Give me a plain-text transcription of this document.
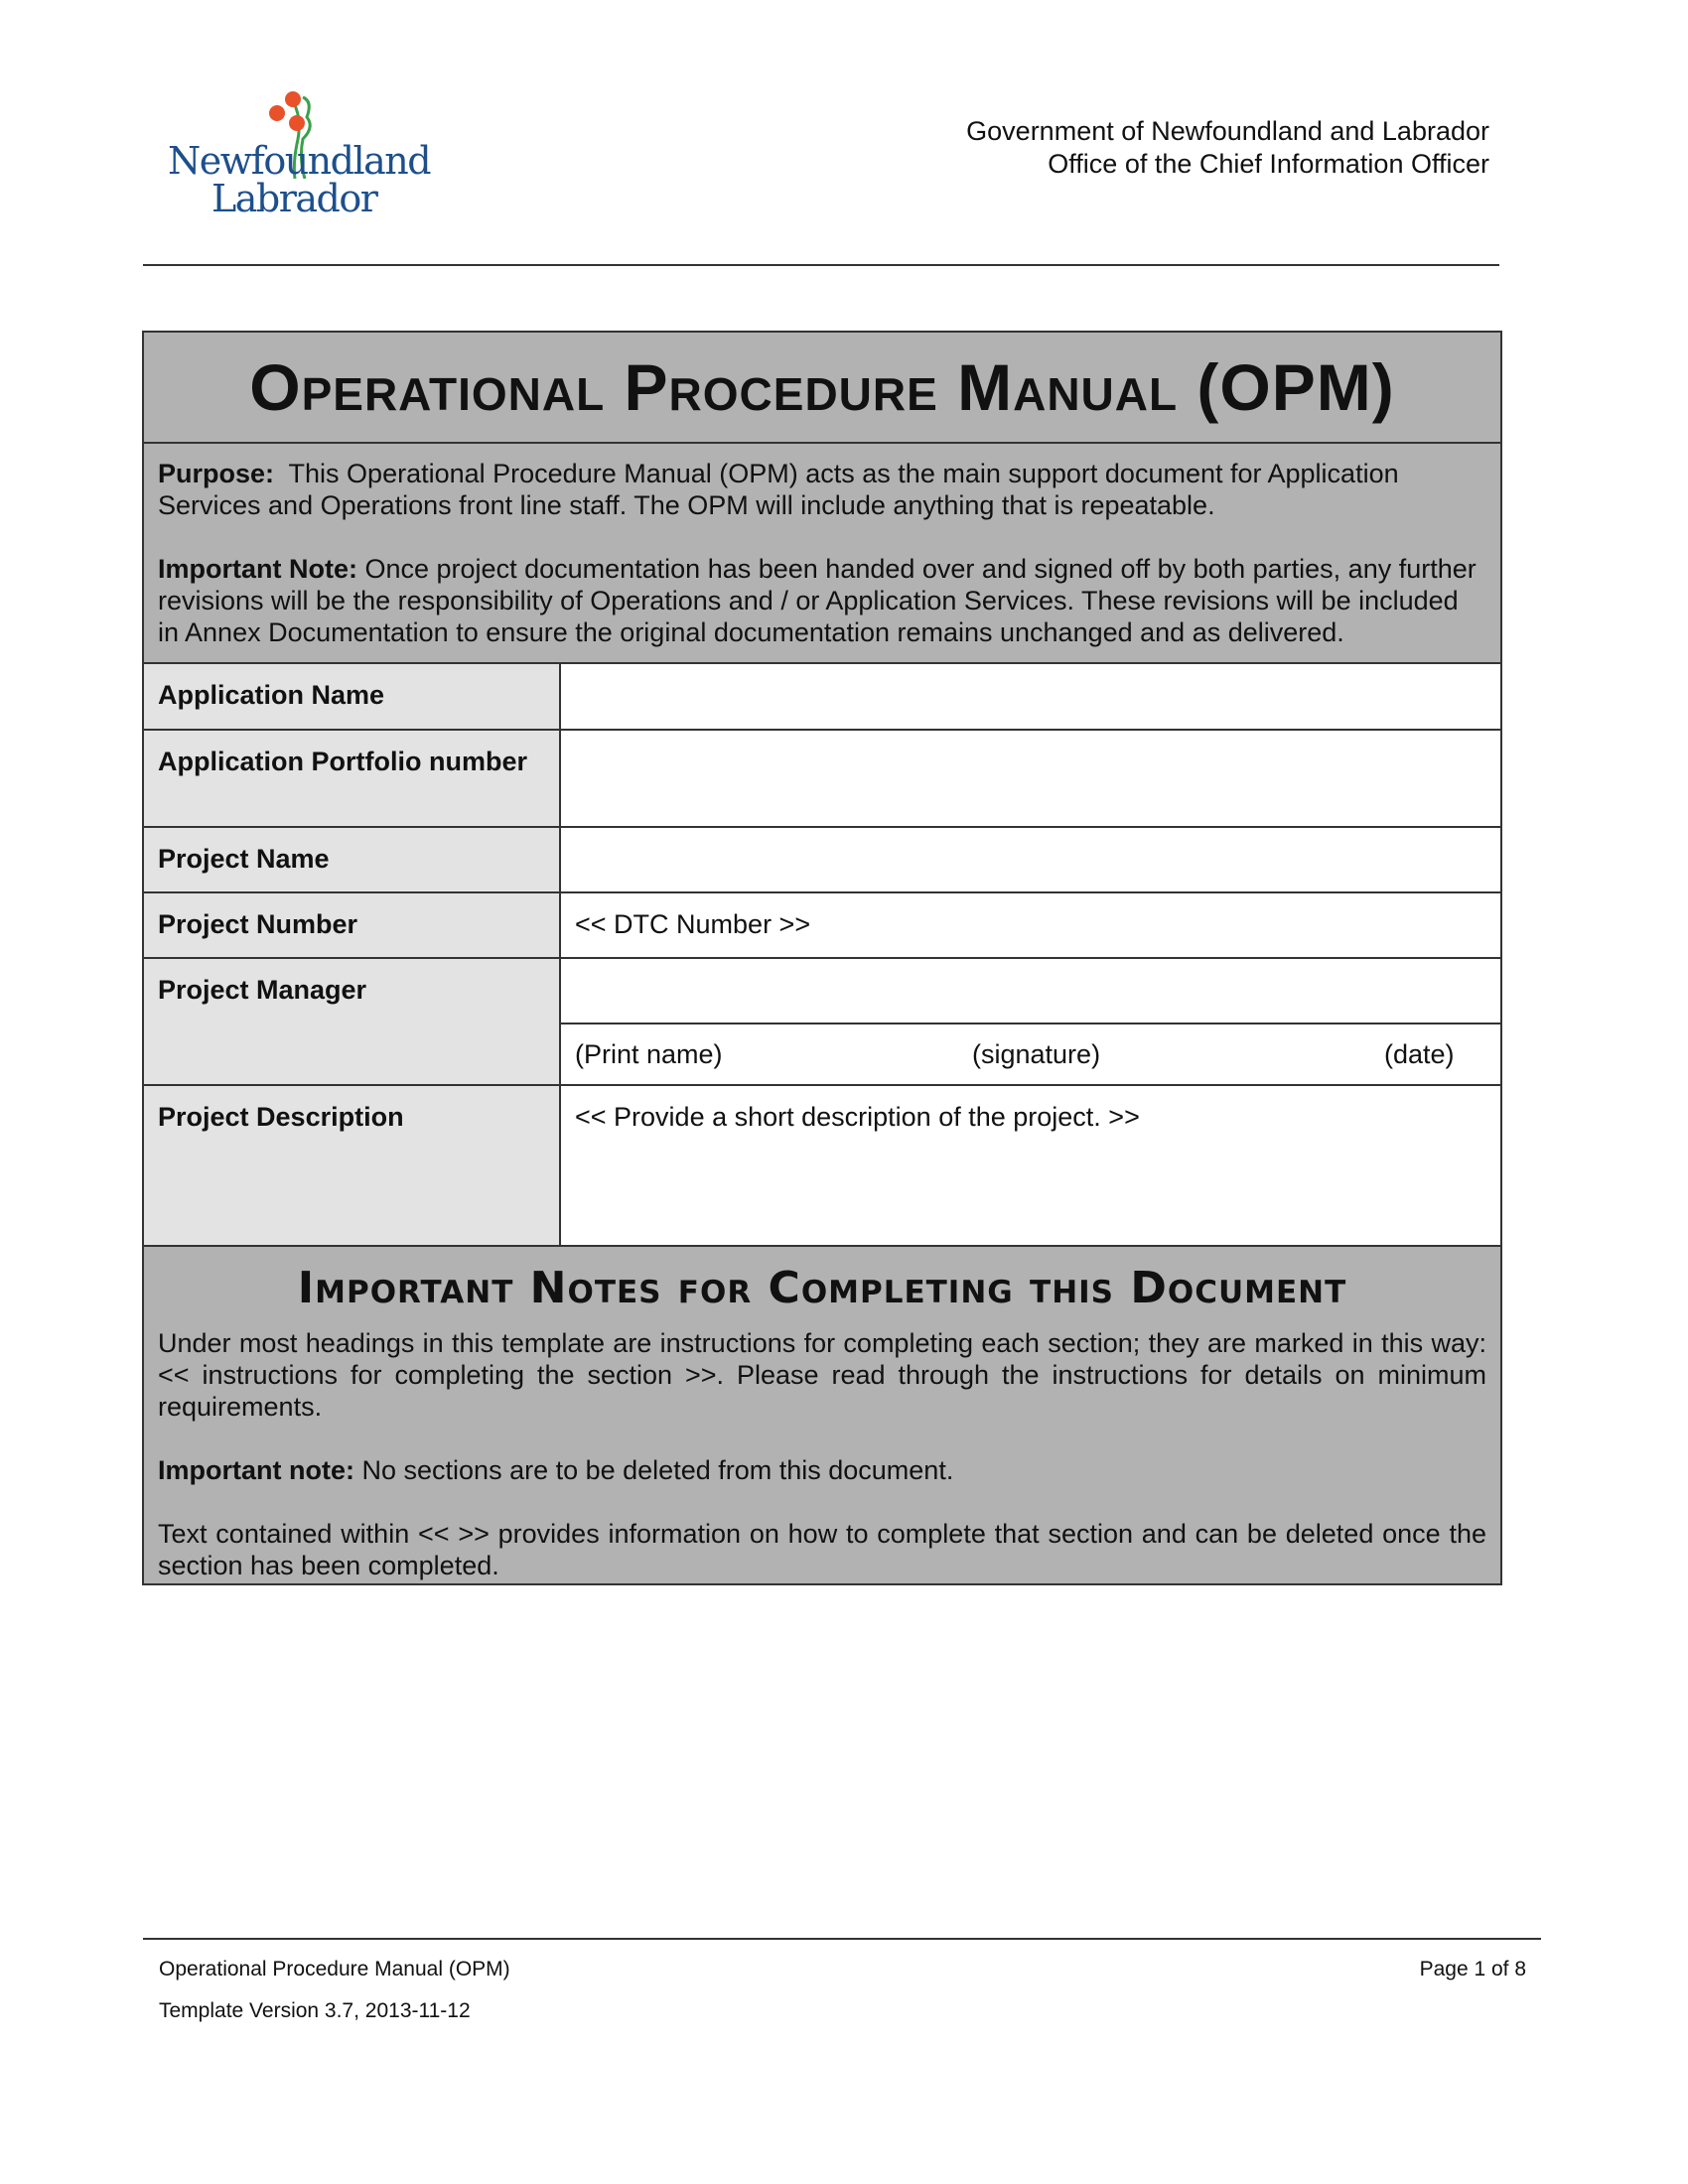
Newfoundland
Labrador
Government of Newfoundland and Labrador
Office of the Chief Information Officer
Operational Procedure Manual (OPM)

Purpose: This Operational Procedure Manual (OPM) acts as the main support document for Application Services and Operations front line staff. The OPM will include anything that is repeatable.

Important Note: Once project documentation has been handed over and signed off by both parties, any further revisions will be the responsibility of Operations and / or Application Services. These revisions will be included in Annex Documentation to ensure the original documentation remains unchanged and as delivered.

Application Name	
Application Portfolio number	
Project Name	
Project Number	<< DTC Number >>
Project Manager	

	(Print name) (signature) (date)

Project Description	<< Provide a short description of the project. >>
Important Notes for Completing this Document

Under most headings in this template are instructions for completing each section; they are marked in this way: << instructions for completing the section >>. Please read through the instructions for details on minimum requirements.

Important note: No sections are to be deleted from this document.

Text contained within << >> provides information on how to complete that section and can be deleted once the section has been completed.

Operational Procedure Manual (OPM)
Template Version 3.7, 2013-11-12
Page 1 of 8
